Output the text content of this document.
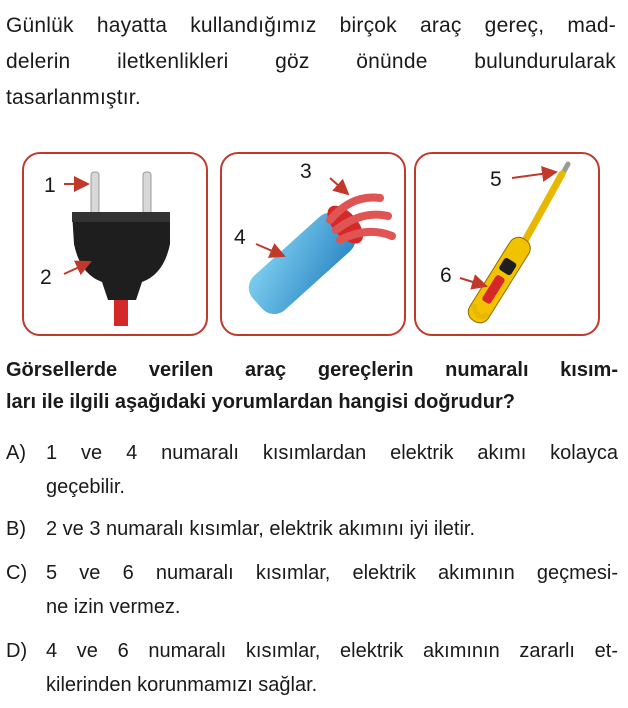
Günlük hayatta kullandığımız birçok araç gereç, mad-
delerin iletkenlikleri göz önünde bulundurularak
tasarlanmıştır.
1
2
3
4
5
6
Görsellerde verilen araç gereçlerin numaralı kısım-
ları ile ilgili aşağıdaki yorumlardan hangisi doğrudur?
A) 1 ve 4 numaralı kısımlardan elektrik akımı kolayca
geçebilir.
B) 2 ve 3 numaralı kısımlar, elektrik akımını iyi iletir.
C) 5 ve 6 numaralı kısımlar, elektrik akımının geçmesi-
ne izin vermez.
D) 4 ve 6 numaralı kısımlar, elektrik akımının zararlı et-
kilerinden korunmamızı sağlar.
